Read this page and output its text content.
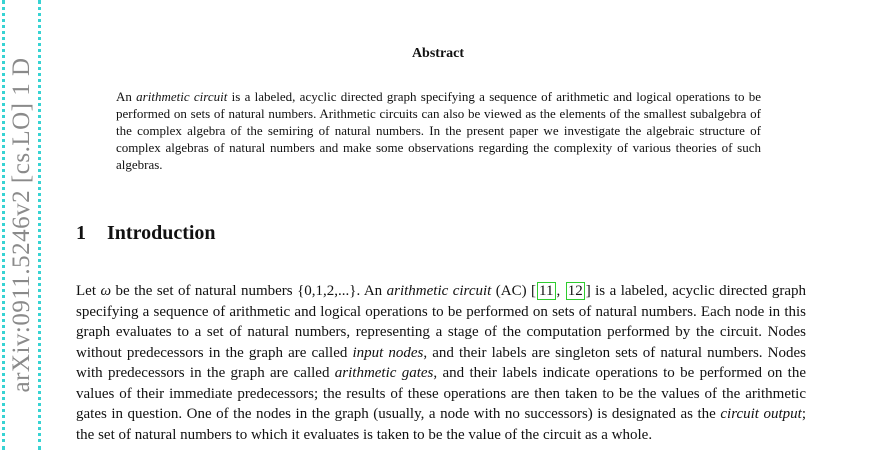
arXiv:0911.5246v2 [cs.LO] 1 D
Abstract
An arithmetic circuit is a labeled, acyclic directed graph specifying a sequence of arithmetic and logical operations to be performed on sets of natural numbers. Arithmetic circuits can also be viewed as the elements of the smallest subalgebra of the complex algebra of the semiring of natural numbers. In the present paper we investigate the algebraic structure of complex algebras of natural numbers and make some observations regarding the complexity of various theories of such algebras.
1 Introduction
Let ω be the set of natural numbers {0,1,2,...}. An arithmetic circuit (AC) [ 11 , 12 ] is a labeled, acyclic directed graph specifying a sequence of arithmetic and logical operations to be performed on sets of natural numbers. Each node in this graph evaluates to a set of natural numbers, representing a stage of the computation performed by the circuit. Nodes without predecessors in the graph are called input nodes, and their labels are singleton sets of natural numbers. Nodes with predecessors in the graph are called arithmetic gates, and their labels indicate operations to be performed on the values of their immediate predecessors; the results of these operations are then taken to be the values of the arithmetic gates in question. One of the nodes in the graph (usually, a node with no successors) is designated as the circuit output; the set of natural numbers to which it evaluates is taken to be the value of the circuit as a whole.
